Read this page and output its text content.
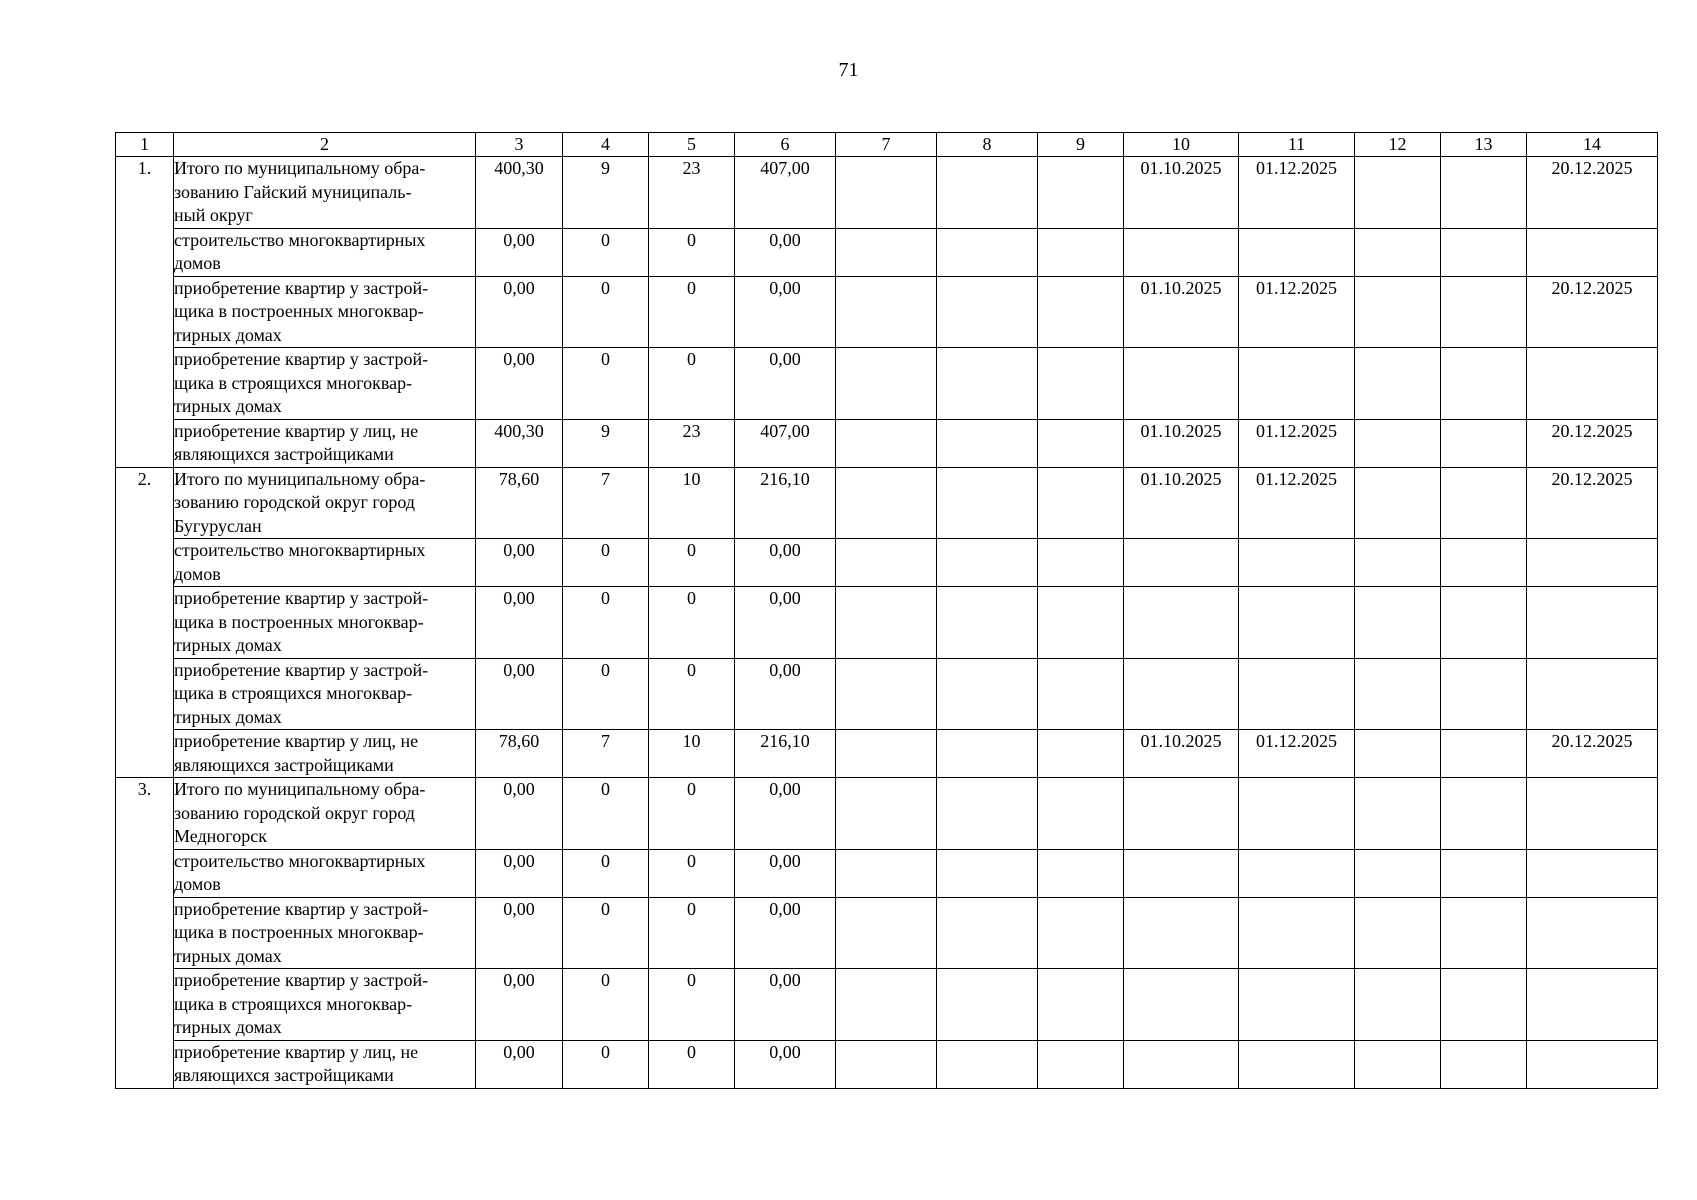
71
1	2	3	4	5	6	7	8	9	10	11	12	13	14
1.	Итого по муниципальному обра-
зованию Гайский муниципаль-
ный округ	400,30	9	23	407,00				01.10.2025	01.12.2025			20.12.2025

	строительство многоквартирных
домов	0,00	0	0	0,00								

	приобретение квартир у застрой-
щика в построенных многоквар-
тирных домах	0,00	0	0	0,00				01.10.2025	01.12.2025			20.12.2025

	приобретение квартир у застрой-
щика в строящихся многоквар-
тирных домах	0,00	0	0	0,00								

	приобретение квартир у лиц, не
являющихся застройщиками	400,30	9	23	407,00				01.10.2025	01.12.2025			20.12.2025
2.	Итого по муниципальному обра-
зованию городской округ город
Бугуруслан	78,60	7	10	216,10				01.10.2025	01.12.2025			20.12.2025

	строительство многоквартирных
домов	0,00	0	0	0,00								

	приобретение квартир у застрой-
щика в построенных многоквар-
тирных домах	0,00	0	0	0,00								

	приобретение квартир у застрой-
щика в строящихся многоквар-
тирных домах	0,00	0	0	0,00								

	приобретение квартир у лиц, не
являющихся застройщиками	78,60	7	10	216,10				01.10.2025	01.12.2025			20.12.2025
3.	Итого по муниципальному обра-
зованию городской округ город
Медногорск	0,00	0	0	0,00								

	строительство многоквартирных
домов	0,00	0	0	0,00								

	приобретение квартир у застрой-
щика в построенных многоквар-
тирных домах	0,00	0	0	0,00								

	приобретение квартир у застрой-
щика в строящихся многоквар-
тирных домах	0,00	0	0	0,00								

	приобретение квартир у лиц, не
являющихся застройщиками	0,00	0	0	0,00								
